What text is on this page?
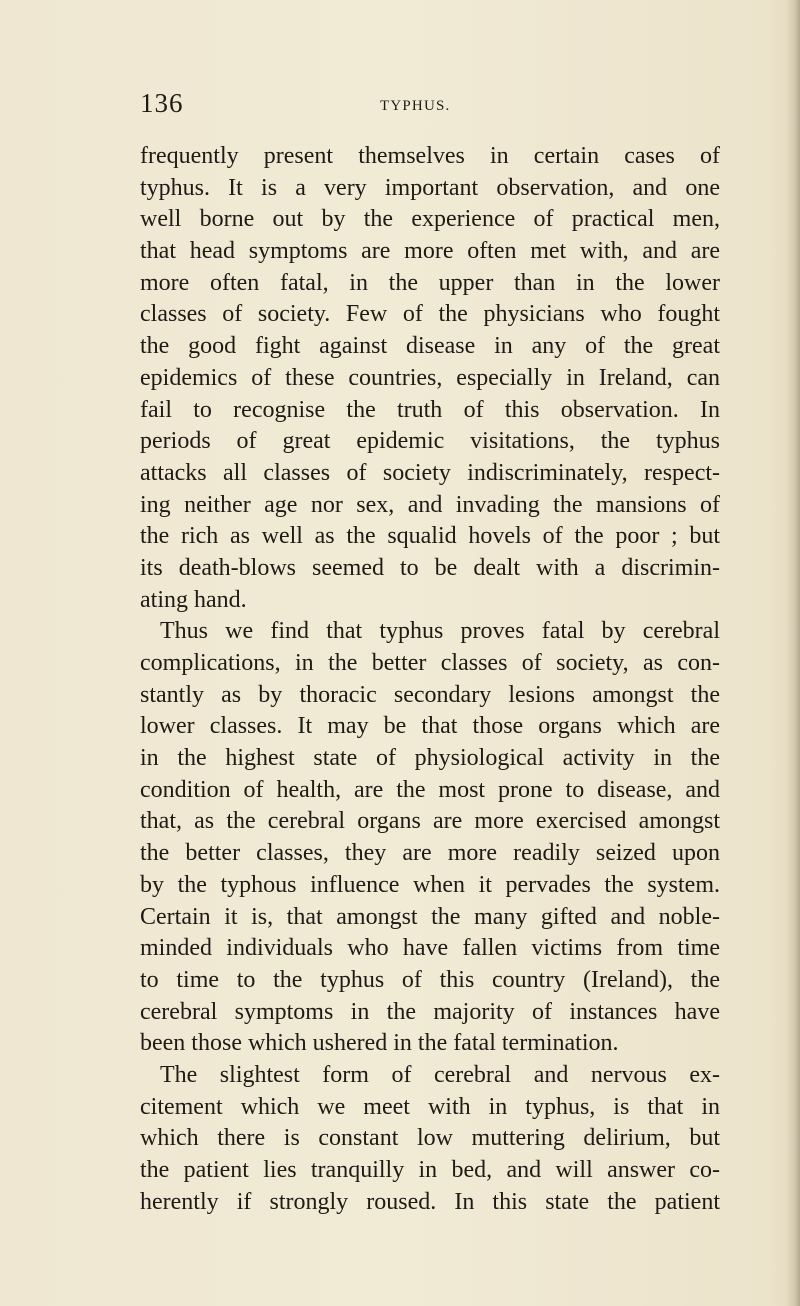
136	TYPHUS.
frequently present themselves in certain cases of
typhus. It is a very important observation, and one
well borne out by the experience of practical men,
that head symptoms are more often met with, and are
more often fatal, in the upper than in the lower
classes of society. Few of the physicians who fought
the good fight against disease in any of the great
epidemics of these countries, especially in Ireland, can
fail to recognise the truth of this observation. In
periods of great epidemic visitations, the typhus
attacks all classes of society indiscriminately, respect-
ing neither age nor sex, and invading the mansions of
the rich as well as the squalid hovels of the poor ; but
its death-blows seemed to be dealt with a discrimin-
ating hand.
Thus we find that typhus proves fatal by cerebral
complications, in the better classes of society, as con-
stantly as by thoracic secondary lesions amongst the
lower classes. It may be that those organs which are
in the highest state of physiological activity in the
condition of health, are the most prone to disease, and
that, as the cerebral organs are more exercised amongst
the better classes, they are more readily seized upon
by the typhous influence when it pervades the system.
Certain it is, that amongst the many gifted and noble-
minded individuals who have fallen victims from time
to time to the typhus of this country (Ireland), the
cerebral symptoms in the majority of instances have
been those which ushered in the fatal termination.
The slightest form of cerebral and nervous ex-
citement which we meet with in typhus, is that in
which there is constant low muttering delirium, but
the patient lies tranquilly in bed, and will answer co-
herently if strongly roused. In this state the patient
